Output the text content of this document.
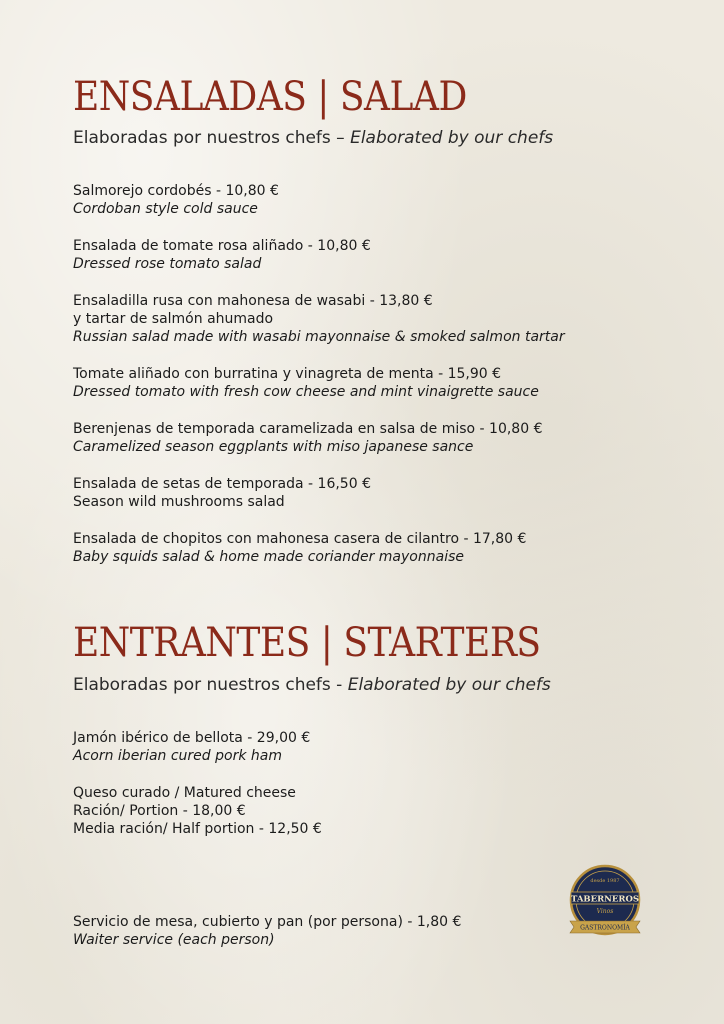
ENSALADAS | SALAD

Elaboradas por nuestros chefs – Elaborated by our chefs

Salmorejo cordobés - 10,80 €
Cordoban style cold sauce
Ensalada de tomate rosa aliñado - 10,80 €
Dressed rose tomato salad
Ensaladilla rusa con mahonesa de wasabi - 13,80 €
y tartar de salmón ahumado
Russian salad made with wasabi mayonnaise & smoked salmon tartar
Tomate aliñado con burratina y vinagreta de menta - 15,90 €
Dressed tomato with fresh cow cheese and mint vinaigrette sauce
Berenjenas de temporada caramelizada en salsa de miso - 10,80 €
Caramelized season eggplants with miso japanese sance
Ensalada de setas de temporada - 16,50 €
Season wild mushrooms salad
Ensalada de chopitos con mahonesa casera de cilantro - 17,80 €
Baby squids salad & home made coriander mayonnaise
ENTRANTES | STARTERS

Elaboradas por nuestros chefs - Elaborated by our chefs

Jamón ibérico de bellota - 29,00 €
Acorn iberian cured pork ham
Queso curado / Matured cheese
Ración/ Portion - 18,00 €
Media ración/ Half portion - 12,50 €
Servicio de mesa, cubierto y pan (por persona) - 1,80 €
Waiter service (each person)
desde 1987
TABERNEROS
Vinos
GASTRONOMÍA
